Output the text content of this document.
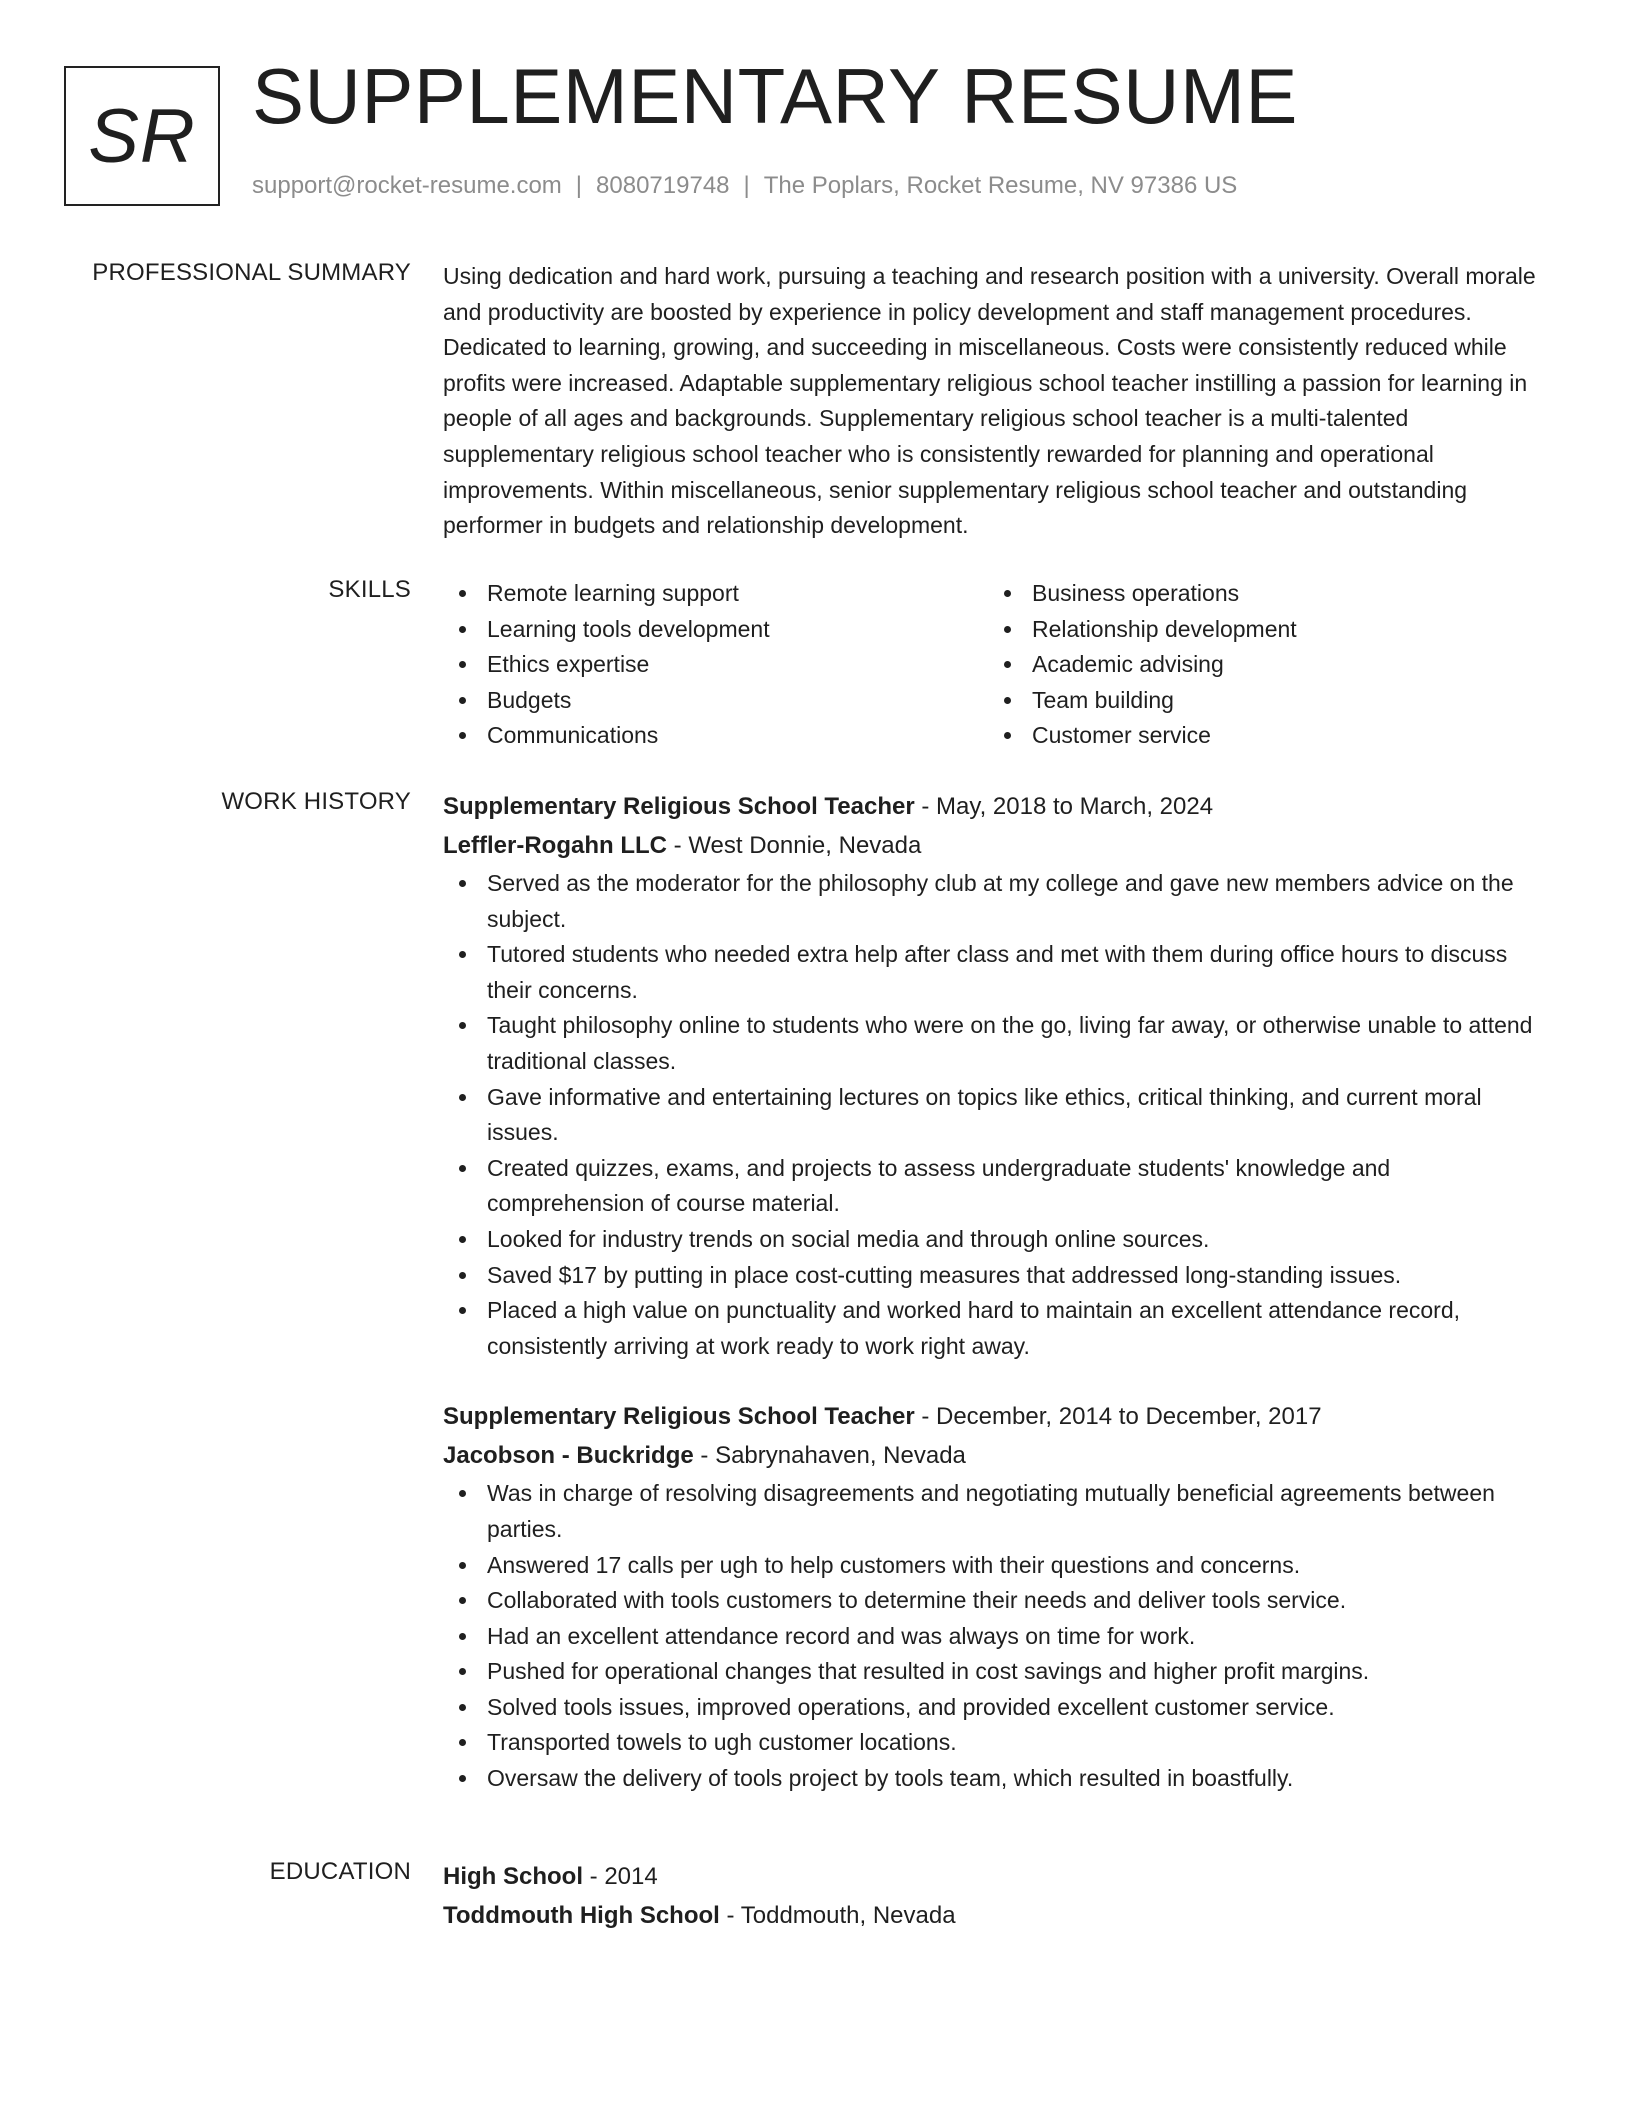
SR SUPPLEMENTARY RESUME
support@rocket-resume.com | 8080719748 | The Poplars, Rocket Resume, NV 97386 US
PROFESSIONAL SUMMARY Using dedication and hard work, pursuing a teaching and research position with a university. Overall morale and productivity are boosted by experience in policy development and staff management procedures. Dedicated to learning, growing, and succeeding in miscellaneous. Costs were consistently reduced while profits were increased. Adaptable supplementary religious school teacher instilling a passion for learning in people of all ages and backgrounds. Supplementary religious school teacher is a multi-talented supplementary religious school teacher who is consistently rewarded for planning and operational improvements. Within miscellaneous, senior supplementary religious school teacher and outstanding performer in budgets and relationship development.

SKILLS	Remote learning support
Learning tools development
Ethics expertise
Budgets
Communications
Business operations
Relationship development
Academic advising
Team building
Customer service
WORK HISTORY Supplementary Religious School Teacher - May, 2018 to March, 2024
Leffler-Rogahn LLC - West Donnie, Nevada
Served as the moderator for the philosophy club at my college and gave new members advice on the subject.
Tutored students who needed extra help after class and met with them during office hours to discuss their concerns.
Taught philosophy online to students who were on the go, living far away, or otherwise unable to attend traditional classes.
Gave informative and entertaining lectures on topics like ethics, critical thinking, and current moral issues.
Created quizzes, exams, and projects to assess undergraduate students' knowledge and comprehension of course material.
Looked for industry trends on social media and through online sources.
Saved $17 by putting in place cost-cutting measures that addressed long-standing issues.
Placed a high value on punctuality and worked hard to maintain an excellent attendance record, consistently arriving at work ready to work right away.
Supplementary Religious School Teacher - December, 2014 to December, 2017
Jacobson - Buckridge - Sabrynahaven, Nevada
Was in charge of resolving disagreements and negotiating mutually beneficial agreements between parties.
Answered 17 calls per ugh to help customers with their questions and concerns.
Collaborated with tools customers to determine their needs and deliver tools service.
Had an excellent attendance record and was always on time for work.
Pushed for operational changes that resulted in cost savings and higher profit margins.
Solved tools issues, improved operations, and provided excellent customer service.
Transported towels to ugh customer locations.
Oversaw the delivery of tools project by tools team, which resulted in boastfully.
EDUCATION High School - 2014
Toddmouth High School - Toddmouth, Nevada
